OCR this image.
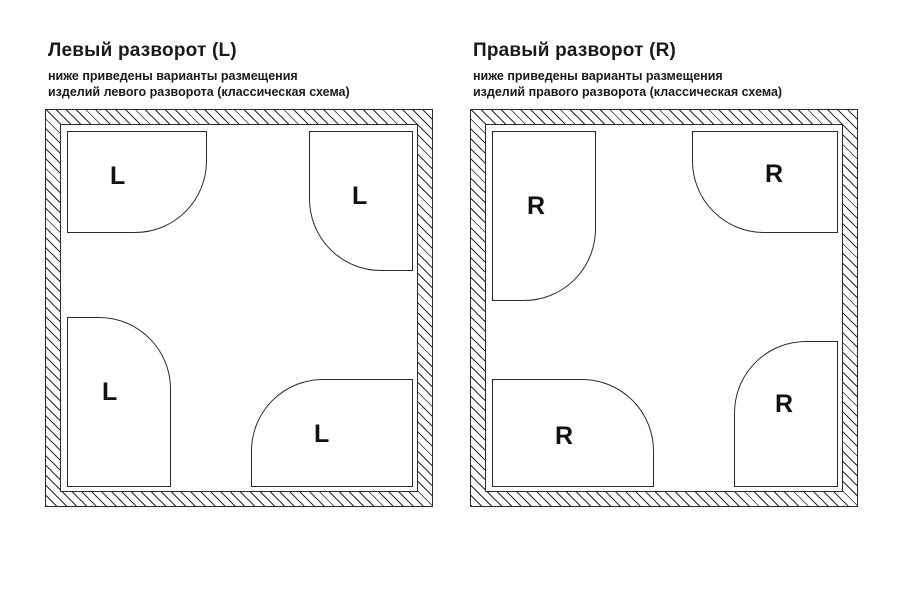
Левый разворот (L)
ниже приведены варианты размещения
изделий левого разворота (классическая схема)
L
L
L
L
Правый разворот (R)
ниже приведены варианты размещения
изделий правого разворота (классическая схема)
R
R
R
R
